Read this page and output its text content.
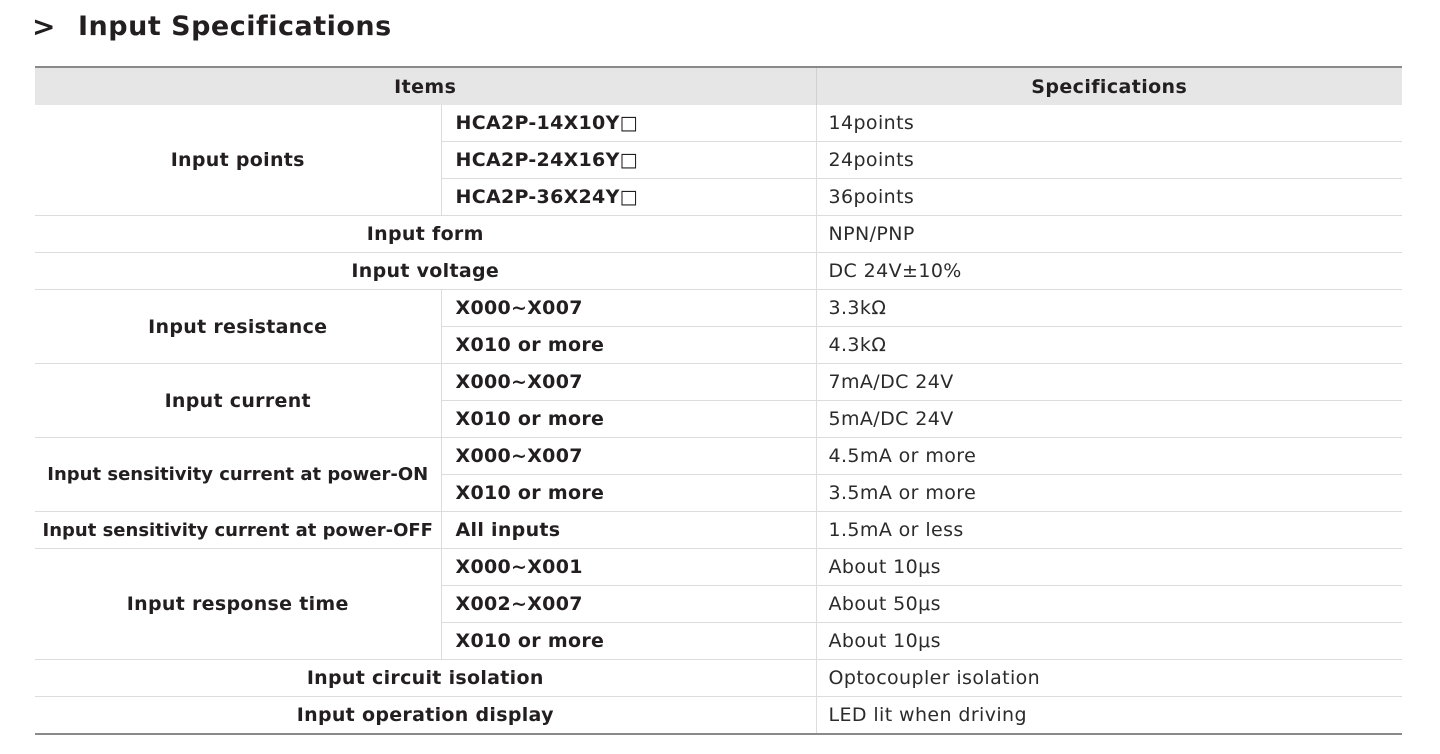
> Input Specifications
Items		Specifications
Input points	HCA2P-14X10Y□	14points
	HCA2P-24X16Y□	24points
	HCA2P-36X24Y□	36points
Input form		NPN/PNP
Input voltage		DC 24V±10%
Input resistance	X000~X007	3.3kΩ
	X010 or more	4.3kΩ
Input current	X000~X007	7mA/DC 24V
	X010 or more	5mA/DC 24V
Input sensitivity current at power-ON	X000~X007	4.5mA or more
	X010 or more	3.5mA or more
Input sensitivity current at power-OFF	All inputs	1.5mA or less
Input response time	X000~X001	About 10μs
	X002~X007	About 50μs
	X010 or more	About 10μs
Input circuit isolation		Optocoupler isolation
Input operation display		LED lit when driving
